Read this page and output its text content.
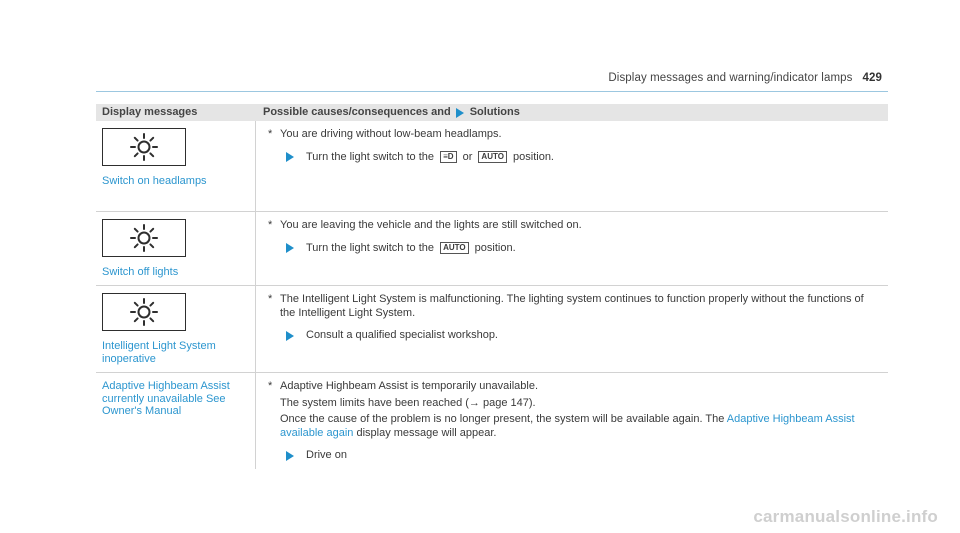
Display messages and warning/indicator lamps 429
Display messages	Possible causes/consequences and Solutions
Switch on headlamps
* You are driving without low-beam headlamps.
Turn the light switch to the ≡D or AUTO position.
Switch off lights
* You are leaving the vehicle and the lights are still switched on.
Turn the light switch to the AUTO position.
Intelligent Light System inoperative
* The Intelligent Light System is malfunctioning. The lighting system continues to function properly without the functions of the Intelligent Light System.
Consult a qualified specialist workshop.
Adaptive Highbeam Assist currently unavailable See Owner's Manual
* Adaptive Highbeam Assist is temporarily unavailable.
The system limits have been reached (→ page 147).
Once the cause of the problem is no longer present, the system will be available again. The Adaptive Highbeam Assist available again display message will appear.
Drive on
carmanualsonline.info
